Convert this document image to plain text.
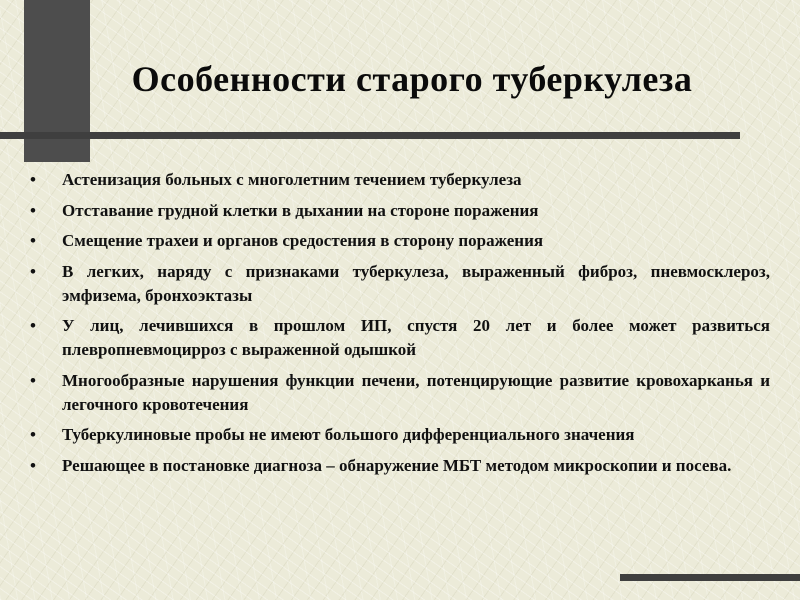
Особенности старого туберкулеза
•	Астенизация больных с многолетним течением туберкулеза
•	Отставание грудной клетки в дыхании на стороне поражения
•	Смещение трахеи и органов средостения в сторону поражения
•	В легких, наряду с признаками туберкулеза, выраженный фиброз, пневмосклероз, эмфизема, бронхоэктазы
•	У лиц, лечившихся в прошлом ИП, спустя 20 лет и более может развиться плевропневмоцирроз с выраженной одышкой
•	Многообразные нарушения функции печени, потенцирующие развитие кровохарканья и легочного кровотечения
•	Туберкулиновые пробы не имеют большого дифференциального значения
•	Решающее в постановке диагноза – обнаружение МБТ методом микроскопии и посева.
